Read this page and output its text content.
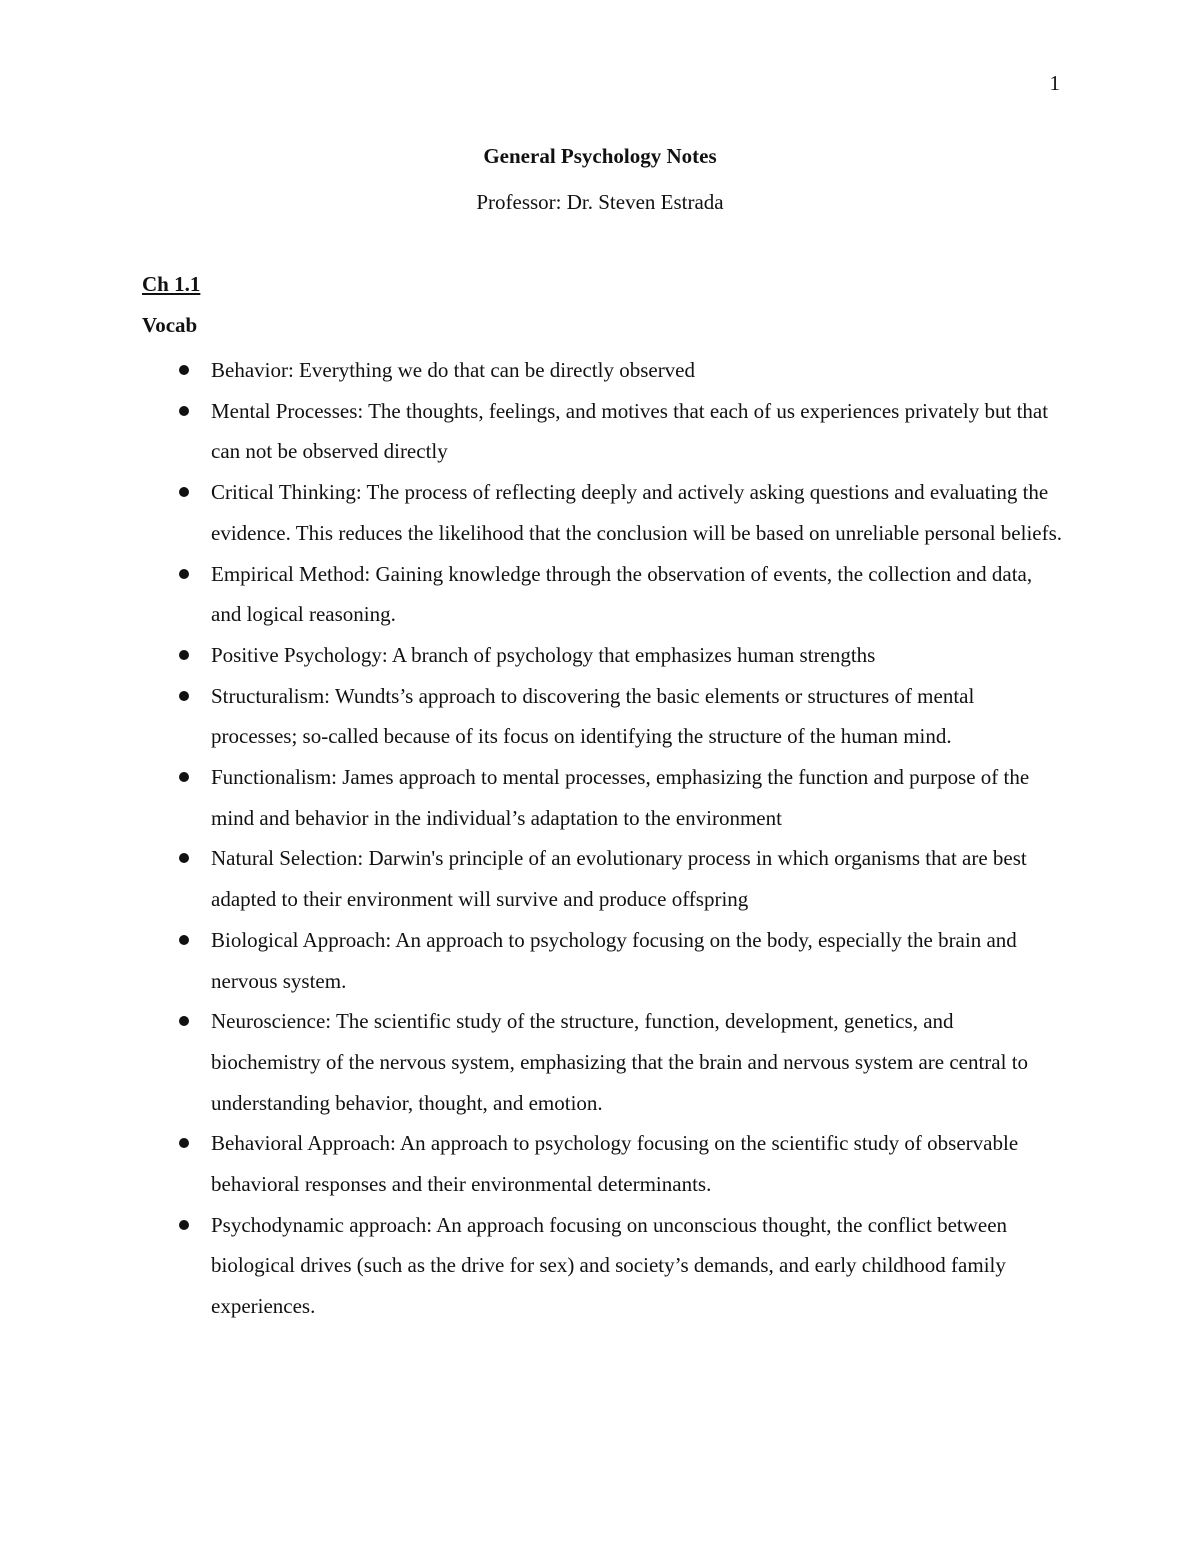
1
General Psychology Notes
Professor: Dr. Steven Estrada
Ch 1.1
Vocab
Behavior: Everything we do that can be directly observed
Mental Processes: The thoughts, feelings, and motives that each of us experiences privately but that can not be observed directly
Critical Thinking: The process of reflecting deeply and actively asking questions and evaluating the evidence. This reduces the likelihood that the conclusion will be based on unreliable personal beliefs.
Empirical Method: Gaining knowledge through the observation of events, the collection and data, and logical reasoning.
Positive Psychology: A branch of psychology that emphasizes human strengths
Structuralism: Wundts’s approach to discovering the basic elements or structures of mental processes; so-called because of its focus on identifying the structure of the human mind.
Functionalism: James approach to mental processes, emphasizing the function and purpose of the mind and behavior in the individual’s adaptation to the environment
Natural Selection: Darwin's principle of an evolutionary process in which organisms that are best adapted to their environment will survive and produce offspring
Biological Approach: An approach to psychology focusing on the body, especially the brain and nervous system.
Neuroscience: The scientific study of the structure, function, development, genetics, and biochemistry of the nervous system, emphasizing that the brain and nervous system are central to understanding behavior, thought, and emotion.
Behavioral Approach: An approach to psychology focusing on the scientific study of observable behavioral responses and their environmental determinants.
Psychodynamic approach: An approach focusing on unconscious thought, the conflict between biological drives (such as the drive for sex) and society’s demands, and early childhood family experiences.
